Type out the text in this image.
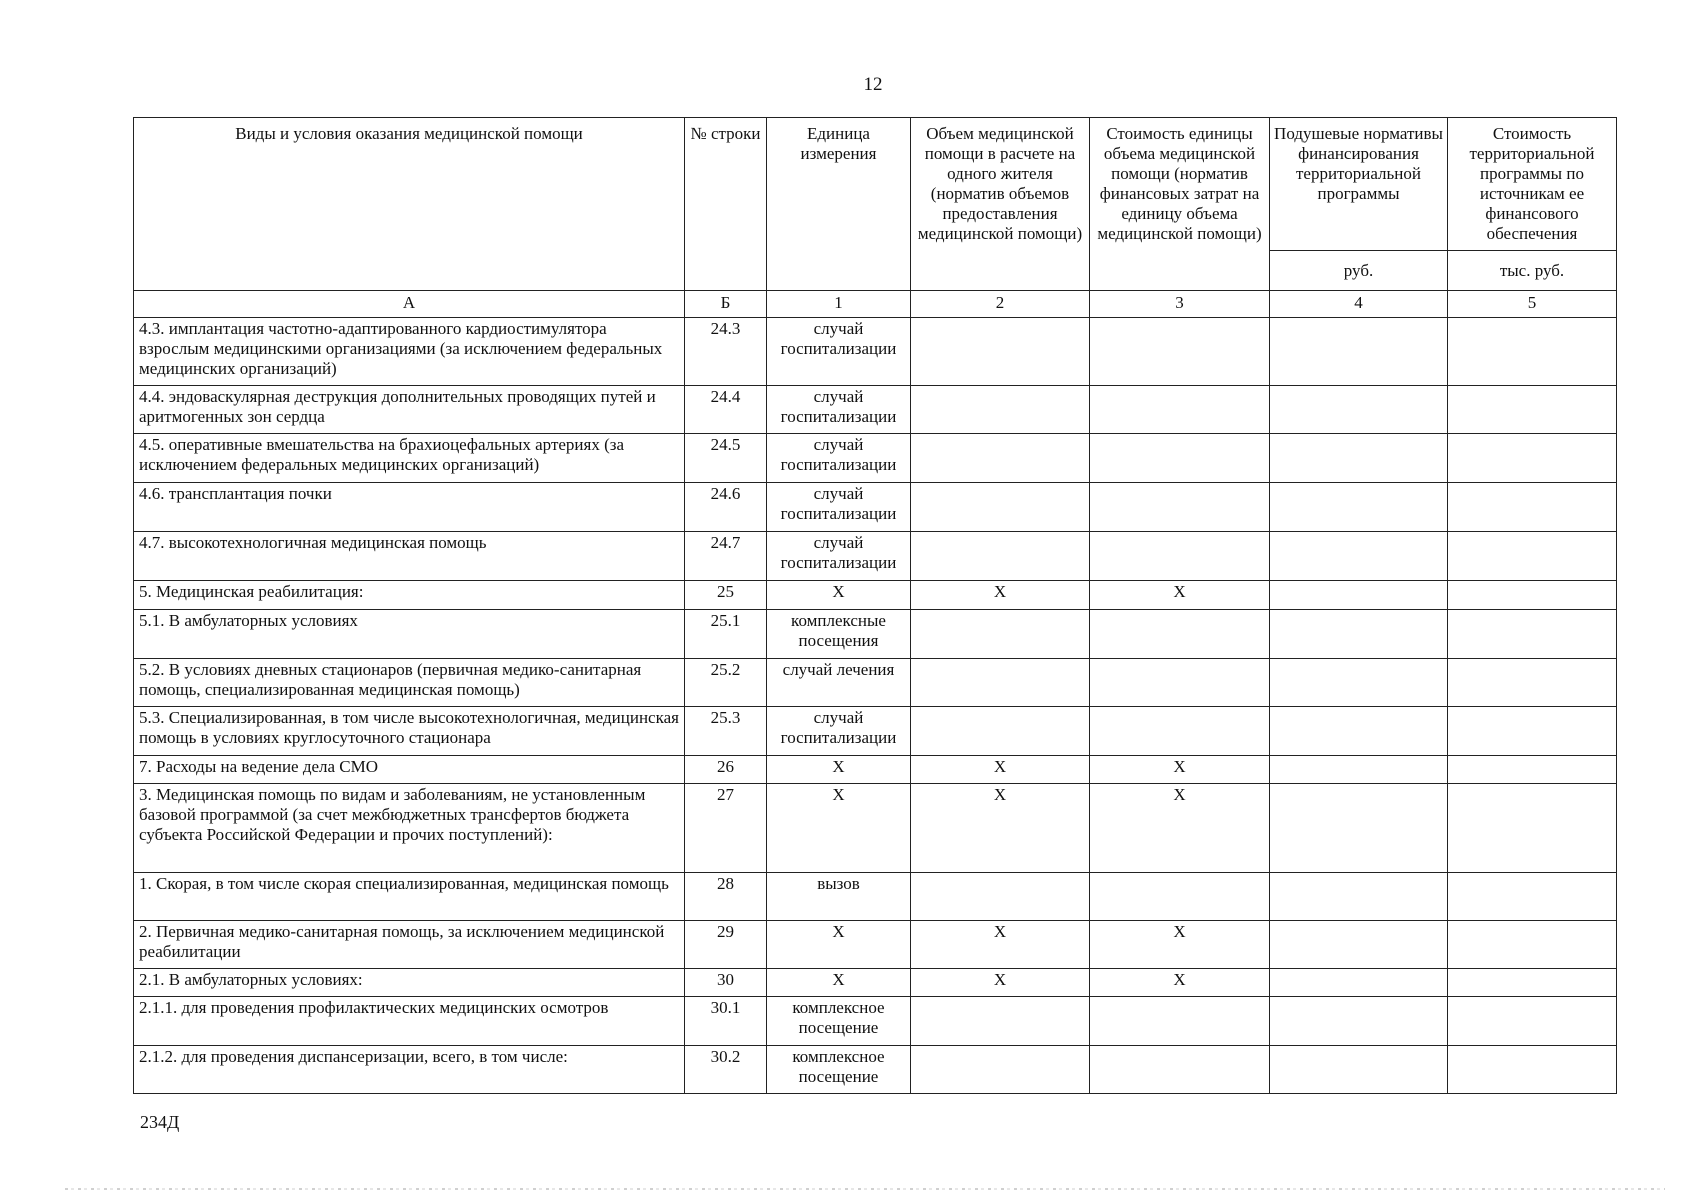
12
Виды и условия оказания медицинской помощи	№ строки	Единица измерения	Объем медицинской помощи в расчете на одного жителя (норматив объемов предоставления медицинской помощи)	Стоимость единицы объема медицинской помощи (норматив финансовых затрат на единицу объема медицинской помощи)	Подушевые нормативы финансирования территориальной программы	Стоимость территориальной программы по источникам ее финансового обеспечения
					руб.	тыс. руб.
А	Б	1	2	3	4	5
4.3. имплантация частотно-адаптированного кардиостимулятора взрослым медицинскими организациями (за исключением федеральных медицинских организаций)	24.3	случай госпитализации				
4.4. эндоваскулярная деструкция дополнительных проводящих путей и аритмогенных зон сердца	24.4	случай госпитализации				
4.5. оперативные вмешательства на брахиоцефальных артериях (за исключением федеральных медицинских организаций)	24.5	случай госпитализации				
4.6. трансплантация почки	24.6	случай госпитализации				
4.7. высокотехнологичная медицинская помощь	24.7	случай госпитализации				
5. Медицинская реабилитация:	25	X	X	X		
5.1. В амбулаторных условиях	25.1	комплексные посещения				
5.2. В условиях дневных стационаров (первичная медико-санитарная помощь, специализированная медицинская помощь)	25.2	случай лечения				
5.3. Специализированная, в том числе высокотехнологичная, медицинская помощь в условиях круглосуточного стационара	25.3	случай госпитализации				
7. Расходы на ведение дела СМО	26	X	X	X		
3. Медицинская помощь по видам и заболеваниям, не установленным базовой программой (за счет межбюджетных трансфертов бюджета субъекта Российской Федерации и прочих поступлений):	27	X	X	X		
1. Скорая, в том числе скорая специализированная, медицинская помощь	28	вызов				
2. Первичная медико-санитарная помощь, за исключением медицинской реабилитации	29	X	X	X		
2.1. В амбулаторных условиях:	30	X	X	X		
2.1.1. для проведения профилактических медицинских осмотров	30.1	комплексное посещение				
2.1.2. для проведения диспансеризации, всего, в том числе:	30.2	комплексное посещение				
234Д
